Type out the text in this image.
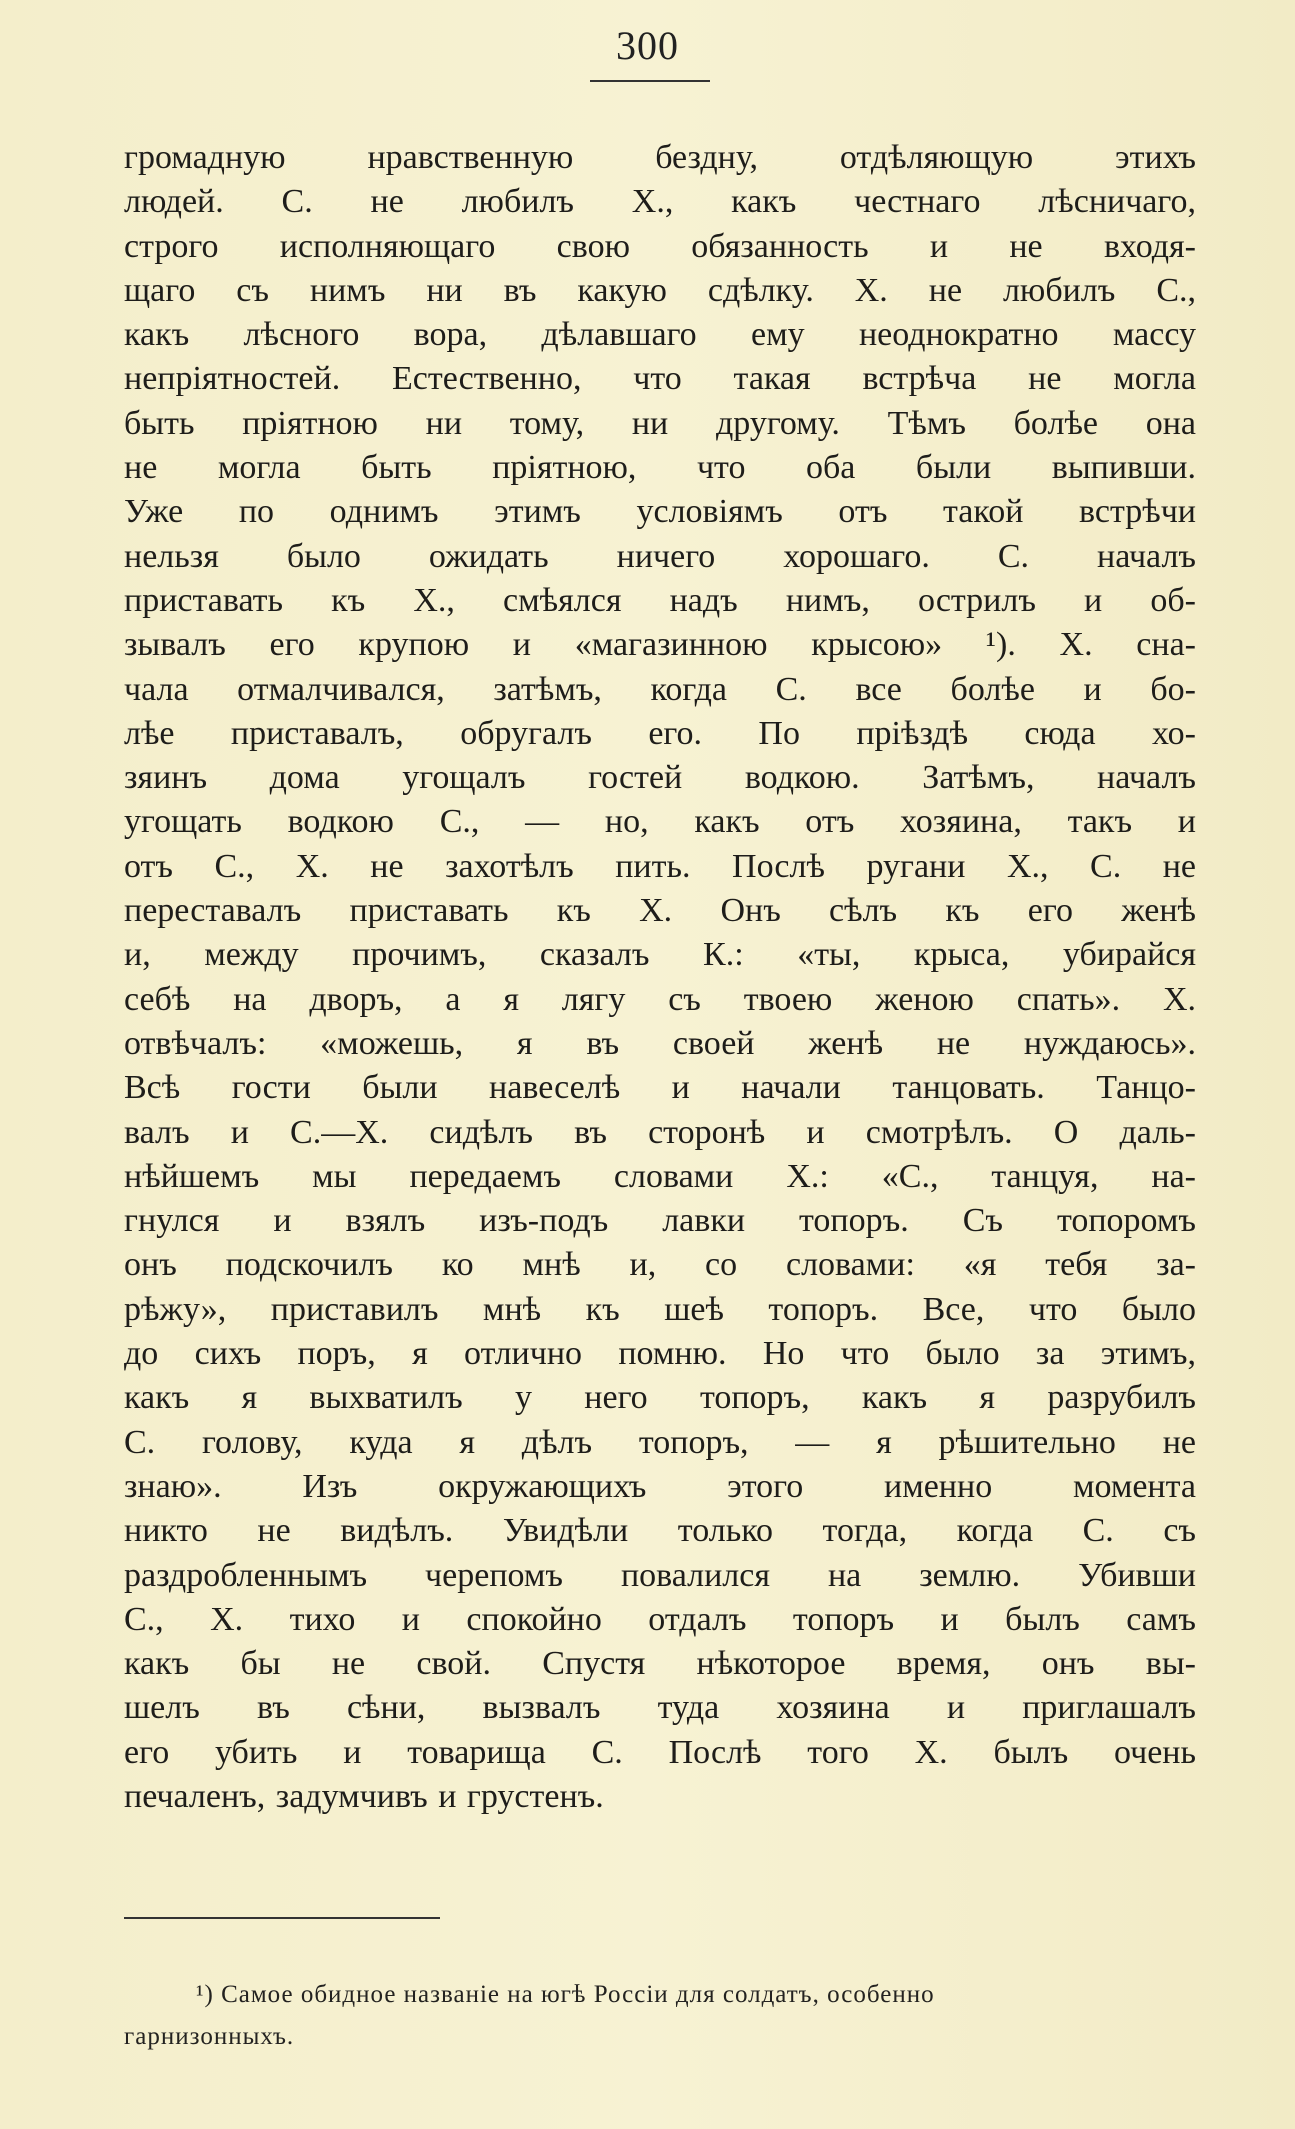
300
громадную нравственную бездну, отдѣляющую этихъ
людей. С. не любилъ X., какъ честнаго лѣсничаго,
строго исполняющаго свою обязанность и не входя-
щаго съ нимъ ни въ какую сдѣлку. X. не любилъ С.,
какъ лѣсного вора, дѣлавшаго ему неоднократно массу
непріятностей. Естественно, что такая встрѣча не могла
быть пріятною ни тому, ни другому. Тѣмъ болѣе она
не могла быть пріятною, что оба были выпивши.
Уже по однимъ этимъ условіямъ отъ такой встрѣчи
нельзя было ожидать ничего хорошаго. С. началъ
приставать къ X., смѣялся надъ нимъ, острилъ и об-
зывалъ его крупою и «магазинною крысою» ¹). X. сна-
чала отмалчивался, затѣмъ, когда С. все болѣе и бо-
лѣе приставалъ, обругалъ его. По пріѣздѣ сюда хо-
зяинъ дома угощалъ гостей водкою. Затѣмъ, началъ
угощать водкою С., — но, какъ отъ хозяина, такъ и
отъ С., X. не захотѣлъ пить. Послѣ ругани X., С. не
переставалъ приставать къ X. Онъ сѣлъ къ его женѣ
и, между прочимъ, сказалъ К.: «ты, крыса, убирайся
себѣ на дворъ, а я лягу съ твоею женою спать». X.
отвѣчалъ: «можешь, я въ своей женѣ не нуждаюсь».
Всѣ гости были навеселѣ и начали танцовать. Танцо-
валъ и С.—X. сидѣлъ въ сторонѣ и смотрѣлъ. О даль-
нѣйшемъ мы передаемъ словами X.: «С., танцуя, на-
гнулся и взялъ изъ-подъ лавки топоръ. Съ топоромъ
онъ подскочилъ ко мнѣ и, со словами: «я тебя за-
рѣжу», приставилъ мнѣ къ шеѣ топоръ. Все, что было
до сихъ поръ, я отлично помню. Но что было за этимъ,
какъ я выхватилъ у него топоръ, какъ я разрубилъ
С. голову, куда я дѣлъ топоръ, — я рѣшительно не
знаю». Изъ окружающихъ этого именно момента
никто не видѣлъ. Увидѣли только тогда, когда С. съ
раздробленнымъ черепомъ повалился на землю. Убивши
С., X. тихо и спокойно отдалъ топоръ и былъ самъ
какъ бы не свой. Спустя нѣкоторое время, онъ вы-
шелъ въ сѣни, вызвалъ туда хозяина и приглашалъ
его убить и товарища С. Послѣ того X. былъ очень
печаленъ, задумчивъ и грустенъ.
¹) Самое обидное названіе на югѣ Россіи для солдатъ, особенно
гарнизонныхъ.
